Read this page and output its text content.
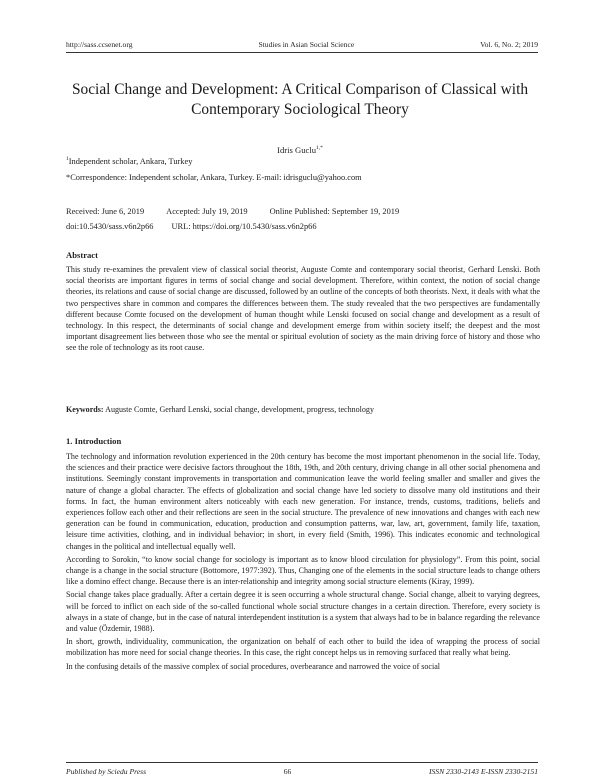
http://sass.ccsenet.org	Studies in Asian Social Science	Vol. 6, No. 2; 2019
Social Change and Development: A Critical Comparison of Classical with
Contemporary Sociological Theory
Idris Guclu$^{1,*}$
$^1$Independent scholar, Ankara, Turkey
*Correspondence: Independent scholar, Ankara, Turkey. E-mail: idrisguclu@yahoo.com
Received: June 6, 2019	Accepted: July 19, 2019	Online Published: September 19, 2019
doi:10.5430/sass.v6n2p66 URL: https://doi.org/10.5430/sass.v6n2p66
Abstract

This study re-examines the prevalent view of classical social theorist, Auguste Comte and contemporary social theorist, Gerhard Lenski. Both social theorists are important figures in terms of social change and social development. Therefore, within context, the notion of social change theories, its relations and cause of social change are discussed, followed by an outline of the concepts of both theorists. Next, it deals with what the two perspectives share in common and compares the differences between them. The study revealed that the two perspectives are fundamentally different because Comte focused on the development of human thought while Lenski focused on social change and development as a result of technology. In this respect, the determinants of social change and development emerge from within society itself; the deepest and the most important disagreement lies between those who see the mental or spiritual evolution of society as the main driving force of history and those who see the role of technology as its root cause.

Keywords: Auguste Comte, Gerhard Lenski, social change, development, progress, technology
1. Introduction

The technology and information revolution experienced in the 20th century has become the most important phenomenon in the social life. Today, the sciences and their practice were decisive factors throughout the 18th, 19th, and 20th century, driving change in all other social phenomena and institutions. Seemingly constant improvements in transportation and communication leave the world feeling smaller and smaller and gives the nature of change a global character. The effects of globalization and social change have led society to dissolve many old institutions and their forms. In fact, the human environment alters noticeably with each new generation. For instance, trends, customs, traditions, beliefs and experiences follow each other and their reflections are seen in the social structure. The prevalence of new innovations and changes with each new generation can be found in communication, education, production and consumption patterns, war, law, art, government, family life, taxation, leisure time activities, clothing, and in individual behavior; in short, in every field (Smith, 1996). This indicates economic and technological changes in the political and intellectual equally well.

According to Sorokin, “to know social change for sociology is important as to know blood circulation for physiology”. From this point, social change is a change in the social structure (Bottomore, 1977:392). Thus, Changing one of the elements in the social structure leads to change others like a domino effect change. Because there is an inter-relationship and integrity among social structure elements (Kiray, 1999).

Social change takes place gradually. After a certain degree it is seen occurring a whole structural change. Social change, albeit to varying degrees, will be forced to inflict on each side of the so-called functional whole social structure changes in a certain direction. Therefore, every society is always in a state of change, but in the case of natural interdependent institution is a system that always had to be in balance regarding the relevance and value (Özdemir, 1988).

In short, growth, individuality, communication, the organization on behalf of each other to build the idea of wrapping the process of social mobilization has more need for social change theories. In this case, the right concept helps us in removing surfaced that really what being.

In the confusing details of the massive complex of social procedures, overbearance and narrowed the voice of social

Published by Sciedu Press	66	ISSN 2330-2143 E-ISSN 2330-2151
